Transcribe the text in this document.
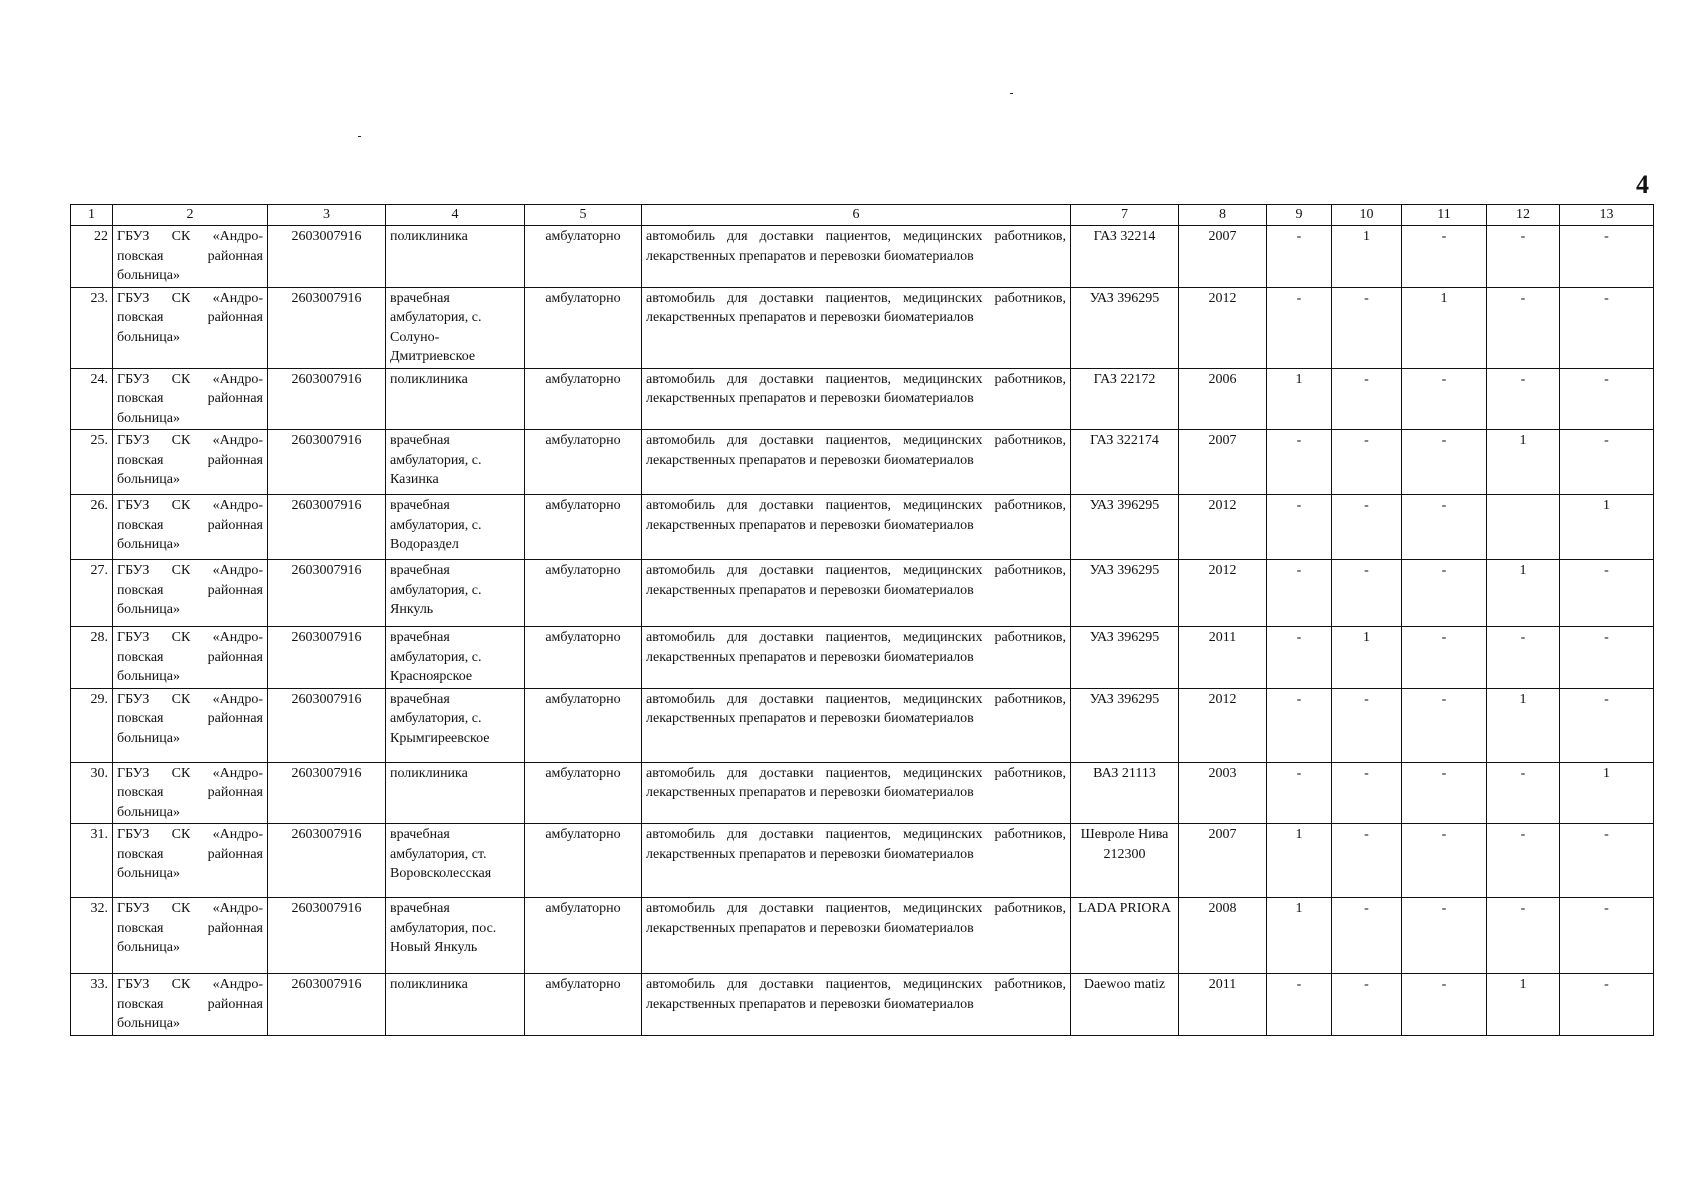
4
1	2	3	4	5	6	7	8	9	10	11	12	13
22	ГБУЗ СК «Андро-повская районная больница»	2603007916	поликлиника	амбулаторно	автомобиль для доставки пациентов, медицинских работников, лекарственных препаратов и перевозки биоматериалов	ГАЗ 32214	2007	-	1	-	-	-
23.	ГБУЗ СК «Андро-повская районная больница»	2603007916	врачебная амбулатория, с. Солуно-Дмитриевское	амбулаторно	автомобиль для доставки пациентов, медицинских работников, лекарственных препаратов и перевозки биоматериалов	УАЗ 396295	2012	-	-	1	-	-
24.	ГБУЗ СК «Андро-повская районная больница»	2603007916	поликлиника	амбулаторно	автомобиль для доставки пациентов, медицинских работников, лекарственных препаратов и перевозки биоматериалов	ГАЗ 22172	2006	1	-	-	-	-
25.	ГБУЗ СК «Андро-повская районная больница»	2603007916	врачебная амбулатория, с. Казинка	амбулаторно	автомобиль для доставки пациентов, медицинских работников, лекарственных препаратов и перевозки биоматериалов	ГАЗ 322174	2007	-	-	-	1	-
26.	ГБУЗ СК «Андро-повская районная больница»	2603007916	врачебная амбулатория, с. Водораздел	амбулаторно	автомобиль для доставки пациентов, медицинских работников, лекарственных препаратов и перевозки биоматериалов	УАЗ 396295	2012	-	-	-		1
27.	ГБУЗ СК «Андро-повская районная больница»	2603007916	врачебная амбулатория, с. Янкуль	амбулаторно	автомобиль для доставки пациентов, медицинских работников, лекарственных препаратов и перевозки биоматериалов	УАЗ 396295	2012	-	-	-	1	-
28.	ГБУЗ СК «Андро-повская районная больница»	2603007916	врачебная амбулатория, с. Красноярское	амбулаторно	автомобиль для доставки пациентов, медицинских работников, лекарственных препаратов и перевозки биоматериалов	УАЗ 396295	2011	-	1	-	-	-
29.	ГБУЗ СК «Андро-повская районная больница»	2603007916	врачебная амбулатория, с. Крымгиреевское	амбулаторно	автомобиль для доставки пациентов, медицинских работников, лекарственных препаратов и перевозки биоматериалов	УАЗ 396295	2012	-	-	-	1	-
30.	ГБУЗ СК «Андро-повская районная больница»	2603007916	поликлиника	амбулаторно	автомобиль для доставки пациентов, медицинских работников, лекарственных препаратов и перевозки биоматериалов	ВАЗ 21113	2003	-	-	-	-	1
31.	ГБУЗ СК «Андро-повская районная больница»	2603007916	врачебная амбулатория, ст. Воровсколесская	амбулаторно	автомобиль для доставки пациентов, медицинских работников, лекарственных препаратов и перевозки биоматериалов	Шевроле Нива 212300	2007	1	-	-	-	-
32.	ГБУЗ СК «Андро-повская районная больница»	2603007916	врачебная амбулатория, пос. Новый Янкуль	амбулаторно	автомобиль для доставки пациентов, медицинских работников, лекарственных препаратов и перевозки биоматериалов	LADA PRIORA	2008	1	-	-	-	-
33.	ГБУЗ СК «Андро-повская районная больница»	2603007916	поликлиника	амбулаторно	автомобиль для доставки пациентов, медицинских работников, лекарственных препаратов и перевозки биоматериалов	Daewoo matiz	2011	-	-	-	1	-
